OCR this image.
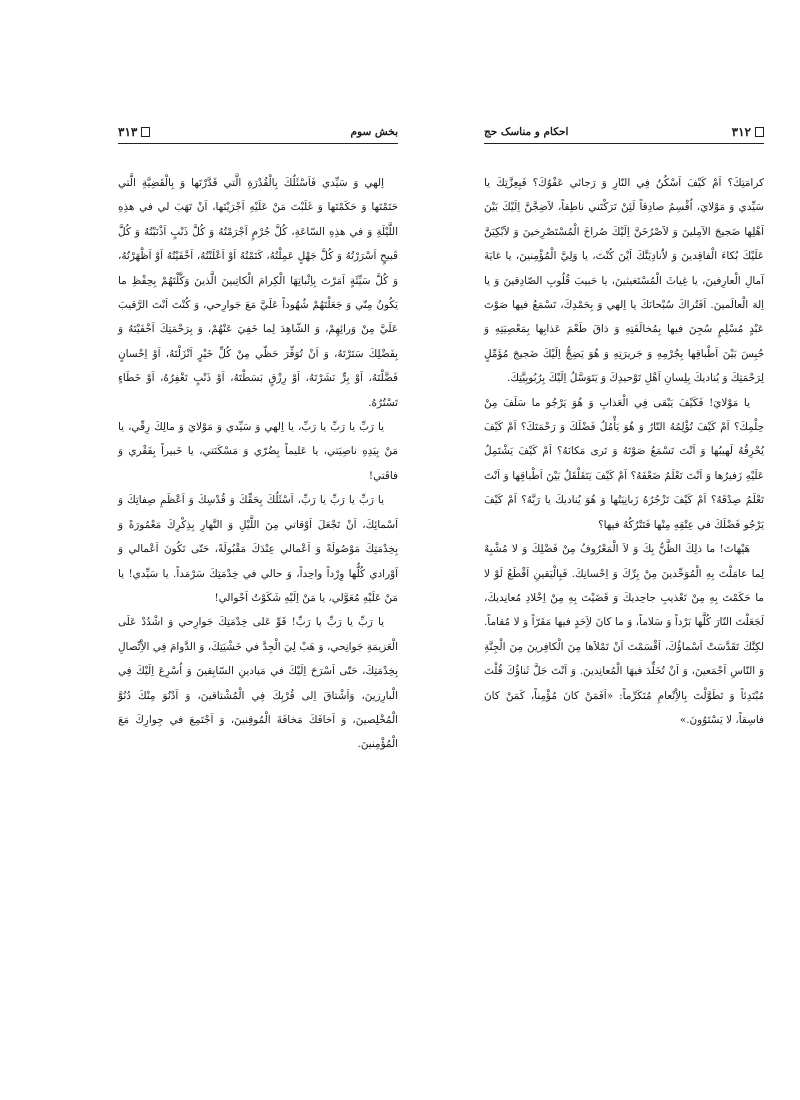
۳۱۲
احکام و مناسک حج

كرامَتِكَ؟ اَمْ كَيْفَ اَسْكُنُ فِي النّارِ وَ رَجائي عَفْوُكَ؟ فَبِعِزَّتِكَ يا سَيِّدي وَ مَوْلايَ، اُقْسِمُ صادِقاً لَئِنْ تَرَكْتَني ناطِقاً، لاََضِجَّنَّ اِلَيْكَ بَيْنَ اَهْلِها ضَجيجَ الآمِلينَ وَ لاََصْرُخَنَّ اِلَيْكَ صُراخَ الْمُسْتَصْرِخينَ وَ لاََبْكِيَنَّ عَلَيْكَ بُكاءَ الْفاقِدينَ وَ لاَُنادِيَنَّكَ اَيْنَ كُنْتَ، يا وَلِيَّ الْمُؤْمِنينَ، يا غايَةَ آمالِ الْعارِفينَ، يا غِياثَ الْمُسْتَغيثينَ، يا حَبيبَ قُلُوبِ الصّادِقينَ وَ يا اِلهَ الْعالَمينَ. اَفَتُراكَ سُبْحانَكَ يا اِلهي وَ بِحَمْدِكَ، تَسْمَعُ فيها صَوْتَ عَبْدٍ مُسْلِمٍ سُجِنَ فيها بِمُخالَفَتِهِ وَ ذاقَ طَعْمَ عَذابِها بِمَعْصِيَتِهِ وَ حُبِسَ بَيْنَ اَطْباقِها بِجُرْمِهِ وَ جَريرَتِهِ وَ هُوَ يَضِجُّ اِلَيْكَ ضَجيجَ مُؤَمِّلٍ لِرَحْمَتِكَ وَ يُناديكَ بِلِسانِ اَهْلِ تَوْحيدِكَ وَ يَتَوَسَّلُ اِلَيْكَ بِرُبُوبِيَّتِكَ.

يا مَوْلايَ! فَكَيْفَ يَبْقى فِي الْعَذابِ وَ هُوَ يَرْجُو ما سَلَفَ مِنْ حِلْمِكَ؟ اَمْ كَيْفَ تُؤْلِمُهُ النّارُ وَ هُوَ يَأْمُلُ فَضْلَكَ وَ رَحْمَتَكَ؟ اَمْ كَيْفَ يُحْرِقُهُ لَهيبُها وَ اَنْتَ تَسْمَعُ صَوْتَهُ وَ تَرى مَكانَهُ؟ اَمْ كَيْفَ يَشْتَمِلُ عَلَيْهِ زَفيرُها وَ اَنْتَ تَعْلَمُ ضَعْفَهُ؟ اَمْ كَيْفَ يَتَقَلْقَلُ بَيْنَ اَطْباقِها وَ اَنْتَ تَعْلَمُ صِدْقَهُ؟ اَمْ كَيْفَ تَزْجُرُهُ زَبانِيَتُها وَ هُوَ يُناديكَ يا رَبَّهُ؟ اَمْ كَيْفَ يَرْجُو فَضْلَكَ في عِتْقِهِ مِنْها فَتَتْرُكُهُ فيها؟

هَيْهاتَ! ما ذلِكَ الظَّنُّ بِكَ وَ لاَ الْمَعْرُوفُ مِنْ فَضْلِكَ وَ لا مُشْبِهٌ لِما عامَلْتَ بِهِ الْمُوَحِّدينَ مِنْ بِرِّكَ وَ اِحْسانِكَ. فَبِالْيَقينِ اَقْطَعُ لَوْ لا ما حَكَمْتَ بِهِ مِنْ تَعْذيبِ جاحِديكَ وَ قَضَيْتَ بِهِ مِنْ اِخْلادِ مُعانِديكَ، لَجَعَلْتَ النّارَ كُلَّها بَرْداً وَ سَلاماً، وَ ما كانَ لاَِحَدٍ فيها مَقَرّاً وَ لا مُقاماً. لكِنَّكَ تَقَدَّسَتْ اَسْماؤُكَ، اَقْسَمْتَ اَنْ تَمْلاََها مِنَ الْكافِرينَ مِنَ الْجِنَّةِ وَ النّاسِ اَجْمَعينَ، وَ اَنْ تُخَلِّدَ فيهَا الْمُعانِدينَ. وَ اَنْتَ جَلَّ ثَناؤُكَ قُلْتَ مُبْتَدِئاً وَ تَطَوَّلْتَ بِالاِْنْعامِ مُتَكَرِّماً: «اَفَمَنْ كانَ مُؤْمِناً، كَمَنْ كانَ فاسِقاً، لا يَسْتَوُونَ.»

۳۱۳	بخش سوم

اِلهي وَ سَيِّدي فَاَسْئَلُكَ بِالْقُدْرَةِ الَّتي قَدَّرْتَها وَ بِالْقَضِيَّةِ الَّتي حَتَمْتَها وَ حَكَمْتَها وَ غَلَبْتَ مَنْ عَلَيْهِ اَجْرَيْتَها، اَنْ تَهَبَ لي في هذِهِ اللَّيْلَةِ وَ في هذِهِ السّاعَةِ، كُلَّ جُرْمٍ اَجْرَمْتُهُ وَ كُلَّ ذَنْبٍ اَذْنَبْتُهُ وَ كُلَّ قَبيحٍ اَسْرَرْتُهُ وَ كُلَّ جَهْلٍ عَمِلْتُهُ، كَتَمْتُهُ اَوْ اَعْلَنْتُهُ، اَخْفَيْتُهُ اَوْ اَظْهَرْتُهُ، وَ كُلَّ سَيِّئَةٍ اَمَرْتَ بِاِثْباتِهَا الْكِرامَ الْكاتِبينَ الَّذينَ وَكَّلْتَهُمْ بِحِفْظِ ما يَكُونُ مِنّي وَ جَعَلْتَهُمْ شُهُوداً عَلَيَّ مَعَ جَوارِحي، وَ كُنْتَ اَنْتَ الرَّقيبَ عَلَيَّ مِنْ وَرائِهِمْ، وَ الشّاهِدَ لِما خَفِيَ عَنْهُمْ، وَ بِرَحْمَتِكَ اَخْفَيْتَهُ وَ بِفَضْلِكَ سَتَرْتَهُ، وَ اَنْ تُوَفِّرَ حَظّي مِنْ كُلِّ خَيْرٍ اَنْزَلْتَهُ، اَوْ اِحْسانٍ فَضَّلْتَهُ، اَوْ بِرٍّ نَشَرْتَهُ، اَوْ رِزْقٍ بَسَطْتَهُ، اَوْ ذَنْبٍ تَغْفِرُهُ، اَوْ خَطَاءٍ تَسْتُرُهُ.

يا رَبِّ يا رَبِّ يا رَبِّ، يا اِلهي وَ سَيِّدي وَ مَوْلايَ وَ مالِكَ رِقّي، يا مَنْ بِيَدِهِ ناصِيَتي، يا عَليماً بِضُرّي وَ مَسْكَنَتي، يا خَبيراً بِفَقْري وَ فاقَتي!

يا رَبِّ يا رَبِّ يا رَبِّ، اَسْئَلُكَ بِحَقِّكَ وَ قُدْسِكَ وَ اَعْظَمِ صِفاتِكَ وَ اَسْمائِكَ، اَنْ تَجْعَلَ اَوْقاتي مِنَ اللَّيْلِ وَ النَّهارِ بِذِكْرِكَ مَعْمُورَةً وَ بِخِدْمَتِكَ مَوْصُولَةً وَ اَعْمالي عِنْدَكَ مَقْبُولَةً، حَتّى تَكُونَ اَعْمالي وَ اَوْرادي كُلُّها وِرْداً واحِداً، وَ حالي في خِدْمَتِكَ سَرْمَداً. يا سَيِّدي! يا مَنْ عَلَيْهِ مُعَوَّلي، يا مَنْ اِلَيْهِ شَكَوْتُ اَحْوالي!

يا رَبِّ يا رَبِّ يا رَبِّ! قَوِّ عَلى خِدْمَتِكَ جَوارِحي وَ اشْدُدْ عَلَى الْعَزيمَةِ جَوانِحي، وَ هَبْ لِيَ الْجِدَّ في خَشْيَتِكَ، وَ الدَّوامَ فِي الاِْتِّصالِ بِخِدْمَتِكَ، حَتّى اَسْرَحَ اِلَيْكَ في مَيادينِ السّابِقينَ وَ اُسْرِعَ اِلَيْكَ فِي الْبارِزينَ، وَاَشْتاقَ اِلى قُرْبِكَ فِي الْمُشْتاقينَ، وَ اَدْنُوَ مِنْكَ دُنُوَّ الْمُخْلِصينَ، وَ اَخافَكَ مَخافَةَ الْمُوقِنينَ، وَ اَجْتَمِعَ في جِوارِكَ مَعَ الْمُؤْمِنينَ.
